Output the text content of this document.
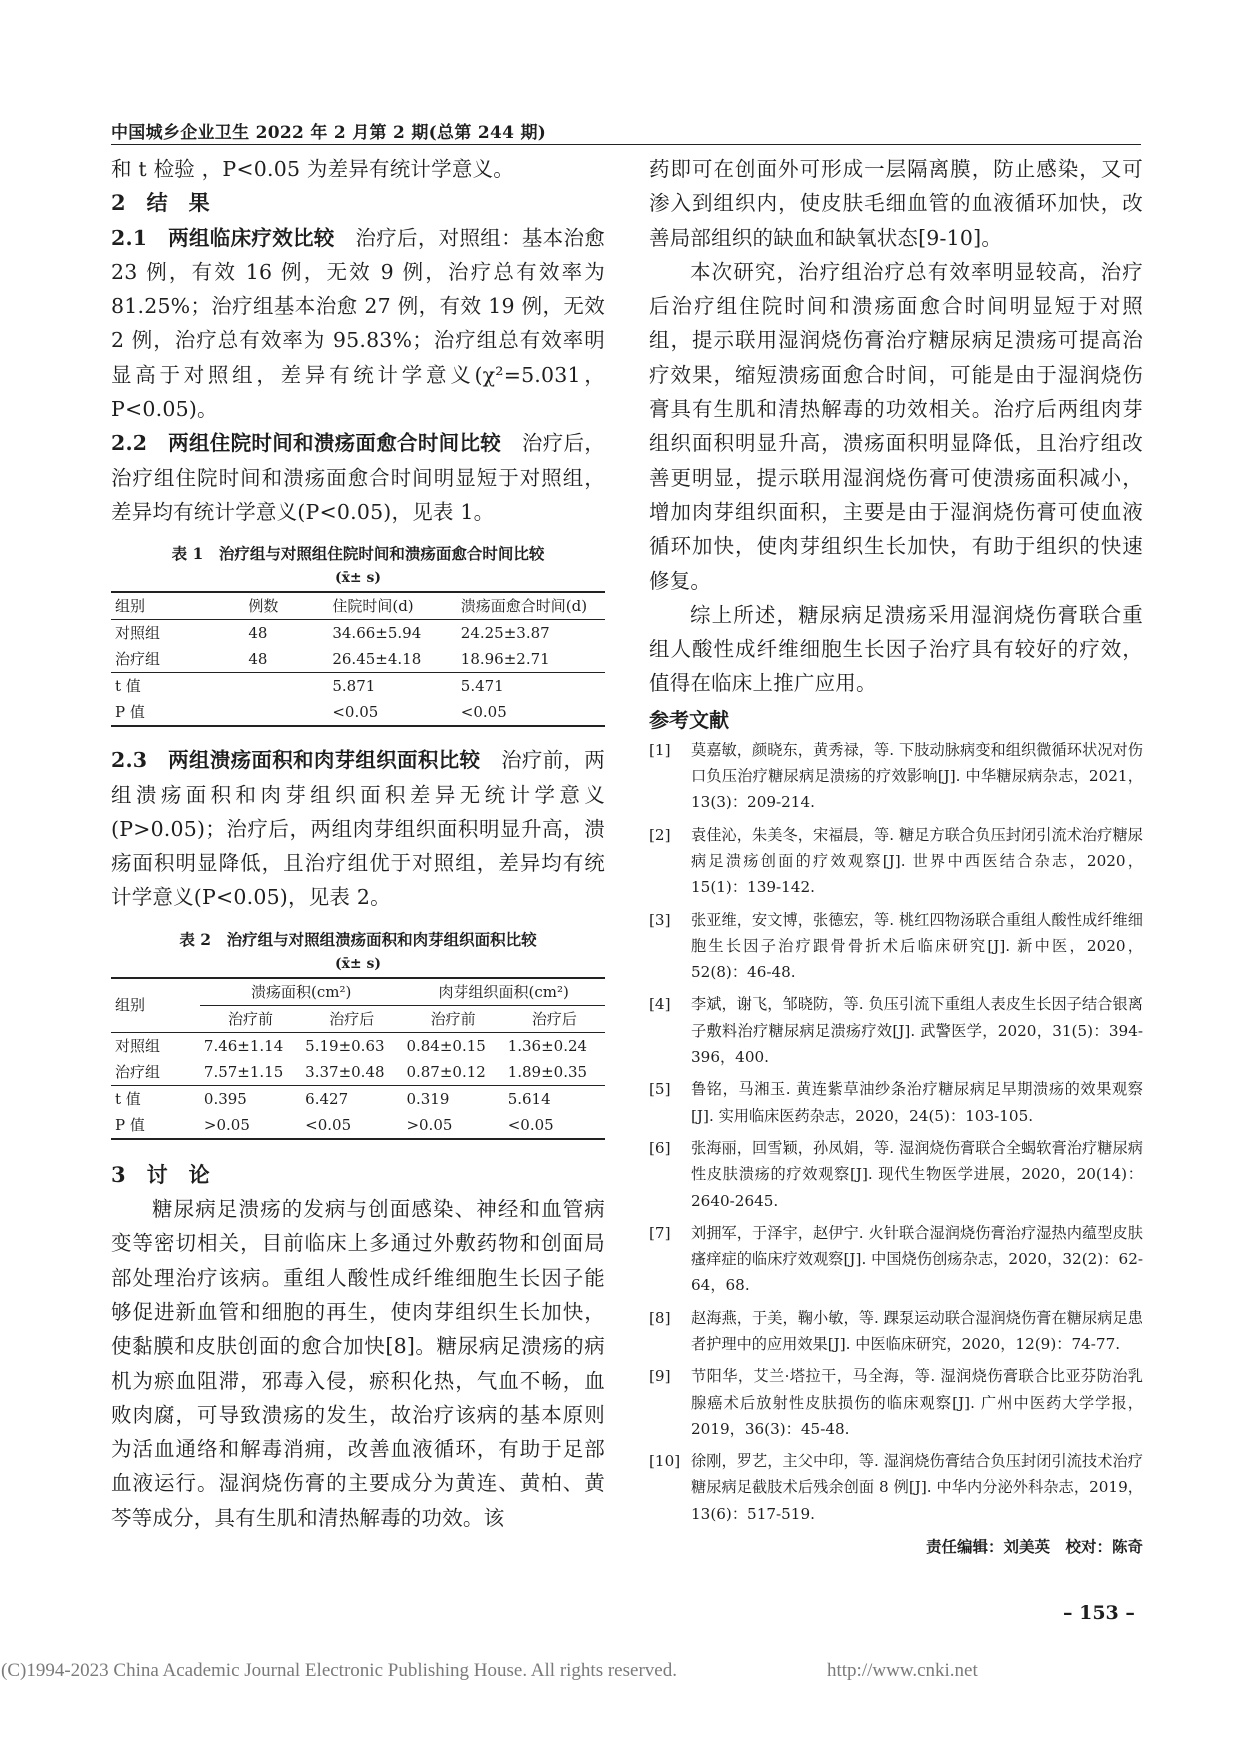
中国城乡企业卫生 2022 年 2 月第 2 期(总第 244 期)

和 t 检验 ，P<0.05 为差异有统计学意义。

2　结　果

2.1　两组临床疗效比较　治疗后，对照组：基本治愈 23 例，有效 16 例，无效 9 例，治疗总有效率为 81.25%；治疗组基本治愈 27 例，有效 19 例，无效 2 例，治疗总有效率为 95.83%；治疗组总有效率明显高于对照组，差异有统计学意义(χ²=5.031，P<0.05)。

2.2　两组住院时间和溃疡面愈合时间比较　治疗后，治疗组住院时间和溃疡面愈合时间明显短于对照组，差异均有统计学意义(P<0.05)，见表 1。

表 1　治疗组与对照组住院时间和溃疡面愈合时间比较
(x̄± s)
组别	例数	住院时间(d)	溃疡面愈合时间(d)
对照组	48	34.66±5.94	24.25±3.87
治疗组	48	26.45±4.18	18.96±2.71
t 值		5.871	5.471
P 值		<0.05	<0.05

2.3　两组溃疡面积和肉芽组织面积比较　治疗前，两组溃疡面积和肉芽组织面积差异无统计学意义(P>0.05)；治疗后，两组肉芽组织面积明显升高，溃疡面积明显降低，且治疗组优于对照组，差异均有统计学意义(P<0.05)，见表 2。

表 2　治疗组与对照组溃疡面积和肉芽组织面积比较
(x̄± s)
组别	溃疡面积(cm²)		肉芽组织面积(cm²)	
	治疗前	治疗后	治疗前	治疗后
对照组	7.46±1.14	5.19±0.63	0.84±0.15	1.36±0.24
治疗组	7.57±1.15	3.37±0.48	0.87±0.12	1.89±0.35
t 值	0.395	6.427	0.319	5.614
P 值	>0.05	<0.05	>0.05	<0.05

3　讨　论

糖尿病足溃疡的发病与创面感染、神经和血管病变等密切相关，目前临床上多通过外敷药物和创面局部处理治疗该病。重组人酸性成纤维细胞生长因子能够促进新血管和细胞的再生，使肉芽组织生长加快，使黏膜和皮肤创面的愈合加快[8]。糖尿病足溃疡的病机为瘀血阻滞，邪毒入侵，瘀积化热，气血不畅，血败肉腐，可导致溃疡的发生，故治疗该病的基本原则为活血通络和解毒消痈，改善血液循环，有助于足部血液运行。湿润烧伤膏的主要成分为黄连、黄柏、黄芩等成分，具有生肌和清热解毒的功效。该

药即可在创面外可形成一层隔离膜，防止感染，又可渗入到组织内，使皮肤毛细血管的血液循环加快，改善局部组织的缺血和缺氧状态[9-10]。

本次研究，治疗组治疗总有效率明显较高，治疗后治疗组住院时间和溃疡面愈合时间明显短于对照组，提示联用湿润烧伤膏治疗糖尿病足溃疡可提高治疗效果，缩短溃疡面愈合时间，可能是由于湿润烧伤膏具有生肌和清热解毒的功效相关。治疗后两组肉芽组织面积明显升高，溃疡面积明显降低，且治疗组改善更明显，提示联用湿润烧伤膏可使溃疡面积减小，增加肉芽组织面积，主要是由于湿润烧伤膏可使血液循环加快，使肉芽组织生长加快，有助于组织的快速修复。

综上所述，糖尿病足溃疡采用湿润烧伤膏联合重组人酸性成纤维细胞生长因子治疗具有较好的疗效，值得在临床上推广应用。

参考文献

[1]	莫嘉敏，颜晓东，黄秀禄，等. 下肢动脉病变和组织微循环状况对伤口负压治疗糖尿病足溃疡的疗效影响[J]. 中华糖尿病杂志，2021，13(3)：209-214.
[2]	袁佳沁，朱美冬，宋福晨，等. 糖足方联合负压封闭引流术治疗糖尿病足溃疡创面的疗效观察[J]. 世界中西医结合杂志，2020，15(1)：139-142.
[3]	张亚维，安文博，张德宏，等. 桃红四物汤联合重组人酸性成纤维细胞生长因子治疗跟骨骨折术后临床研究[J]. 新中医，2020，52(8)：46-48.
[4]	李斌，谢飞，邹晓防，等. 负压引流下重组人表皮生长因子结合银离子敷料治疗糖尿病足溃疡疗效[J]. 武警医学，2020，31(5)：394-396，400.
[5]	鲁铭，马湘玉. 黄连紫草油纱条治疗糖尿病足早期溃疡的效果观察[J]. 实用临床医药杂志，2020，24(5)：103-105.
[6]	张海丽，回雪颖，孙凤娟，等. 湿润烧伤膏联合全蝎软膏治疗糖尿病性皮肤溃疡的疗效观察[J]. 现代生物医学进展，2020，20(14)：2640-2645.
[7]	刘拥军，于泽宇，赵伊宁. 火针联合湿润烧伤膏治疗湿热内蕴型皮肤瘙痒症的临床疗效观察[J]. 中国烧伤创疡杂志，2020，32(2)：62-64，68.
[8]	赵海燕，于美，鞠小敏，等. 踝泵运动联合湿润烧伤膏在糖尿病足患者护理中的应用效果[J]. 中医临床研究，2020，12(9)：74-77.
[9]	节阳华，艾兰·塔拉干，马全海，等. 湿润烧伤膏联合比亚芬防治乳腺癌术后放射性皮肤损伤的临床观察[J]. 广州中医药大学学报，2019，36(3)：45-48.
[10] 徐刚，罗艺，主父中印，等. 湿润烧伤膏结合负压封闭引流技术治疗糖尿病足截肢术后残余创面 8 例[J]. 中华内分泌外科杂志，2019，13(6)：517-519.
责任编辑：刘美英　校对：陈奇
– 153 –
(C)1994-2023 China Academic Journal Electronic Publishing House. All rights reserved.	http://www.cnki.net
